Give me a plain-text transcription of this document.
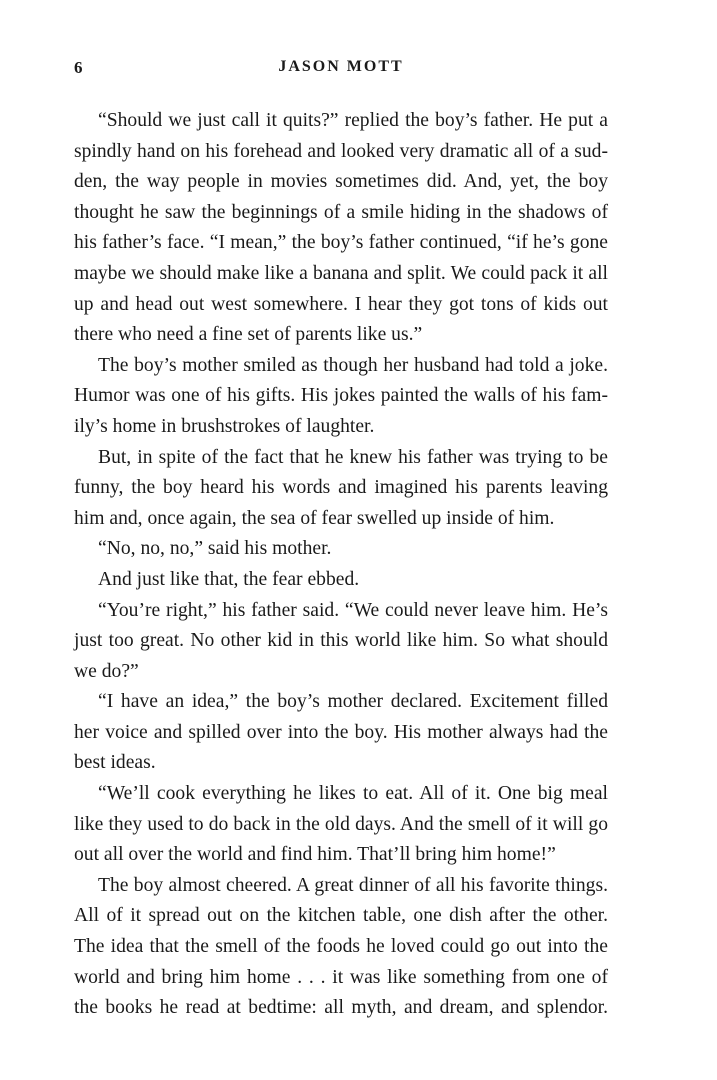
6	JASON MOTT
“Should we just call it quits?” replied the boy’s father. He put a
spindly hand on his forehead and looked very dramatic all of a sud-
den, the way people in movies sometimes did. And, yet, the boy
thought he saw the beginnings of a smile hiding in the shadows of
his father’s face. “I mean,” the boy’s father continued, “if he’s gone
maybe we should make like a banana and split. We could pack it all
up and head out west somewhere. I hear they got tons of kids out
there who need a fine set of parents like us.”
The boy’s mother smiled as though her husband had told a joke.
Humor was one of his gifts. His jokes painted the walls of his fam-
ily’s home in brushstrokes of laughter.
But, in spite of the fact that he knew his father was trying to be
funny, the boy heard his words and imagined his parents leaving
him and, once again, the sea of fear swelled up inside of him.
“No, no, no,” said his mother.
And just like that, the fear ebbed.
“You’re right,” his father said. “We could never leave him. He’s
just too great. No other kid in this world like him. So what should
we do?”
“I have an idea,” the boy’s mother declared. Excitement filled
her voice and spilled over into the boy. His mother always had the
best ideas.
“We’ll cook everything he likes to eat. All of it. One big meal
like they used to do back in the old days. And the smell of it will go
out all over the world and find him. That’ll bring him home!”
The boy almost cheered. A great dinner of all his favorite things.
All of it spread out on the kitchen table, one dish after the other.
The idea that the smell of the foods he loved could go out into the
world and bring him home . . . it was like something from one of
the books he read at bedtime: all myth, and dream, and splendor.
